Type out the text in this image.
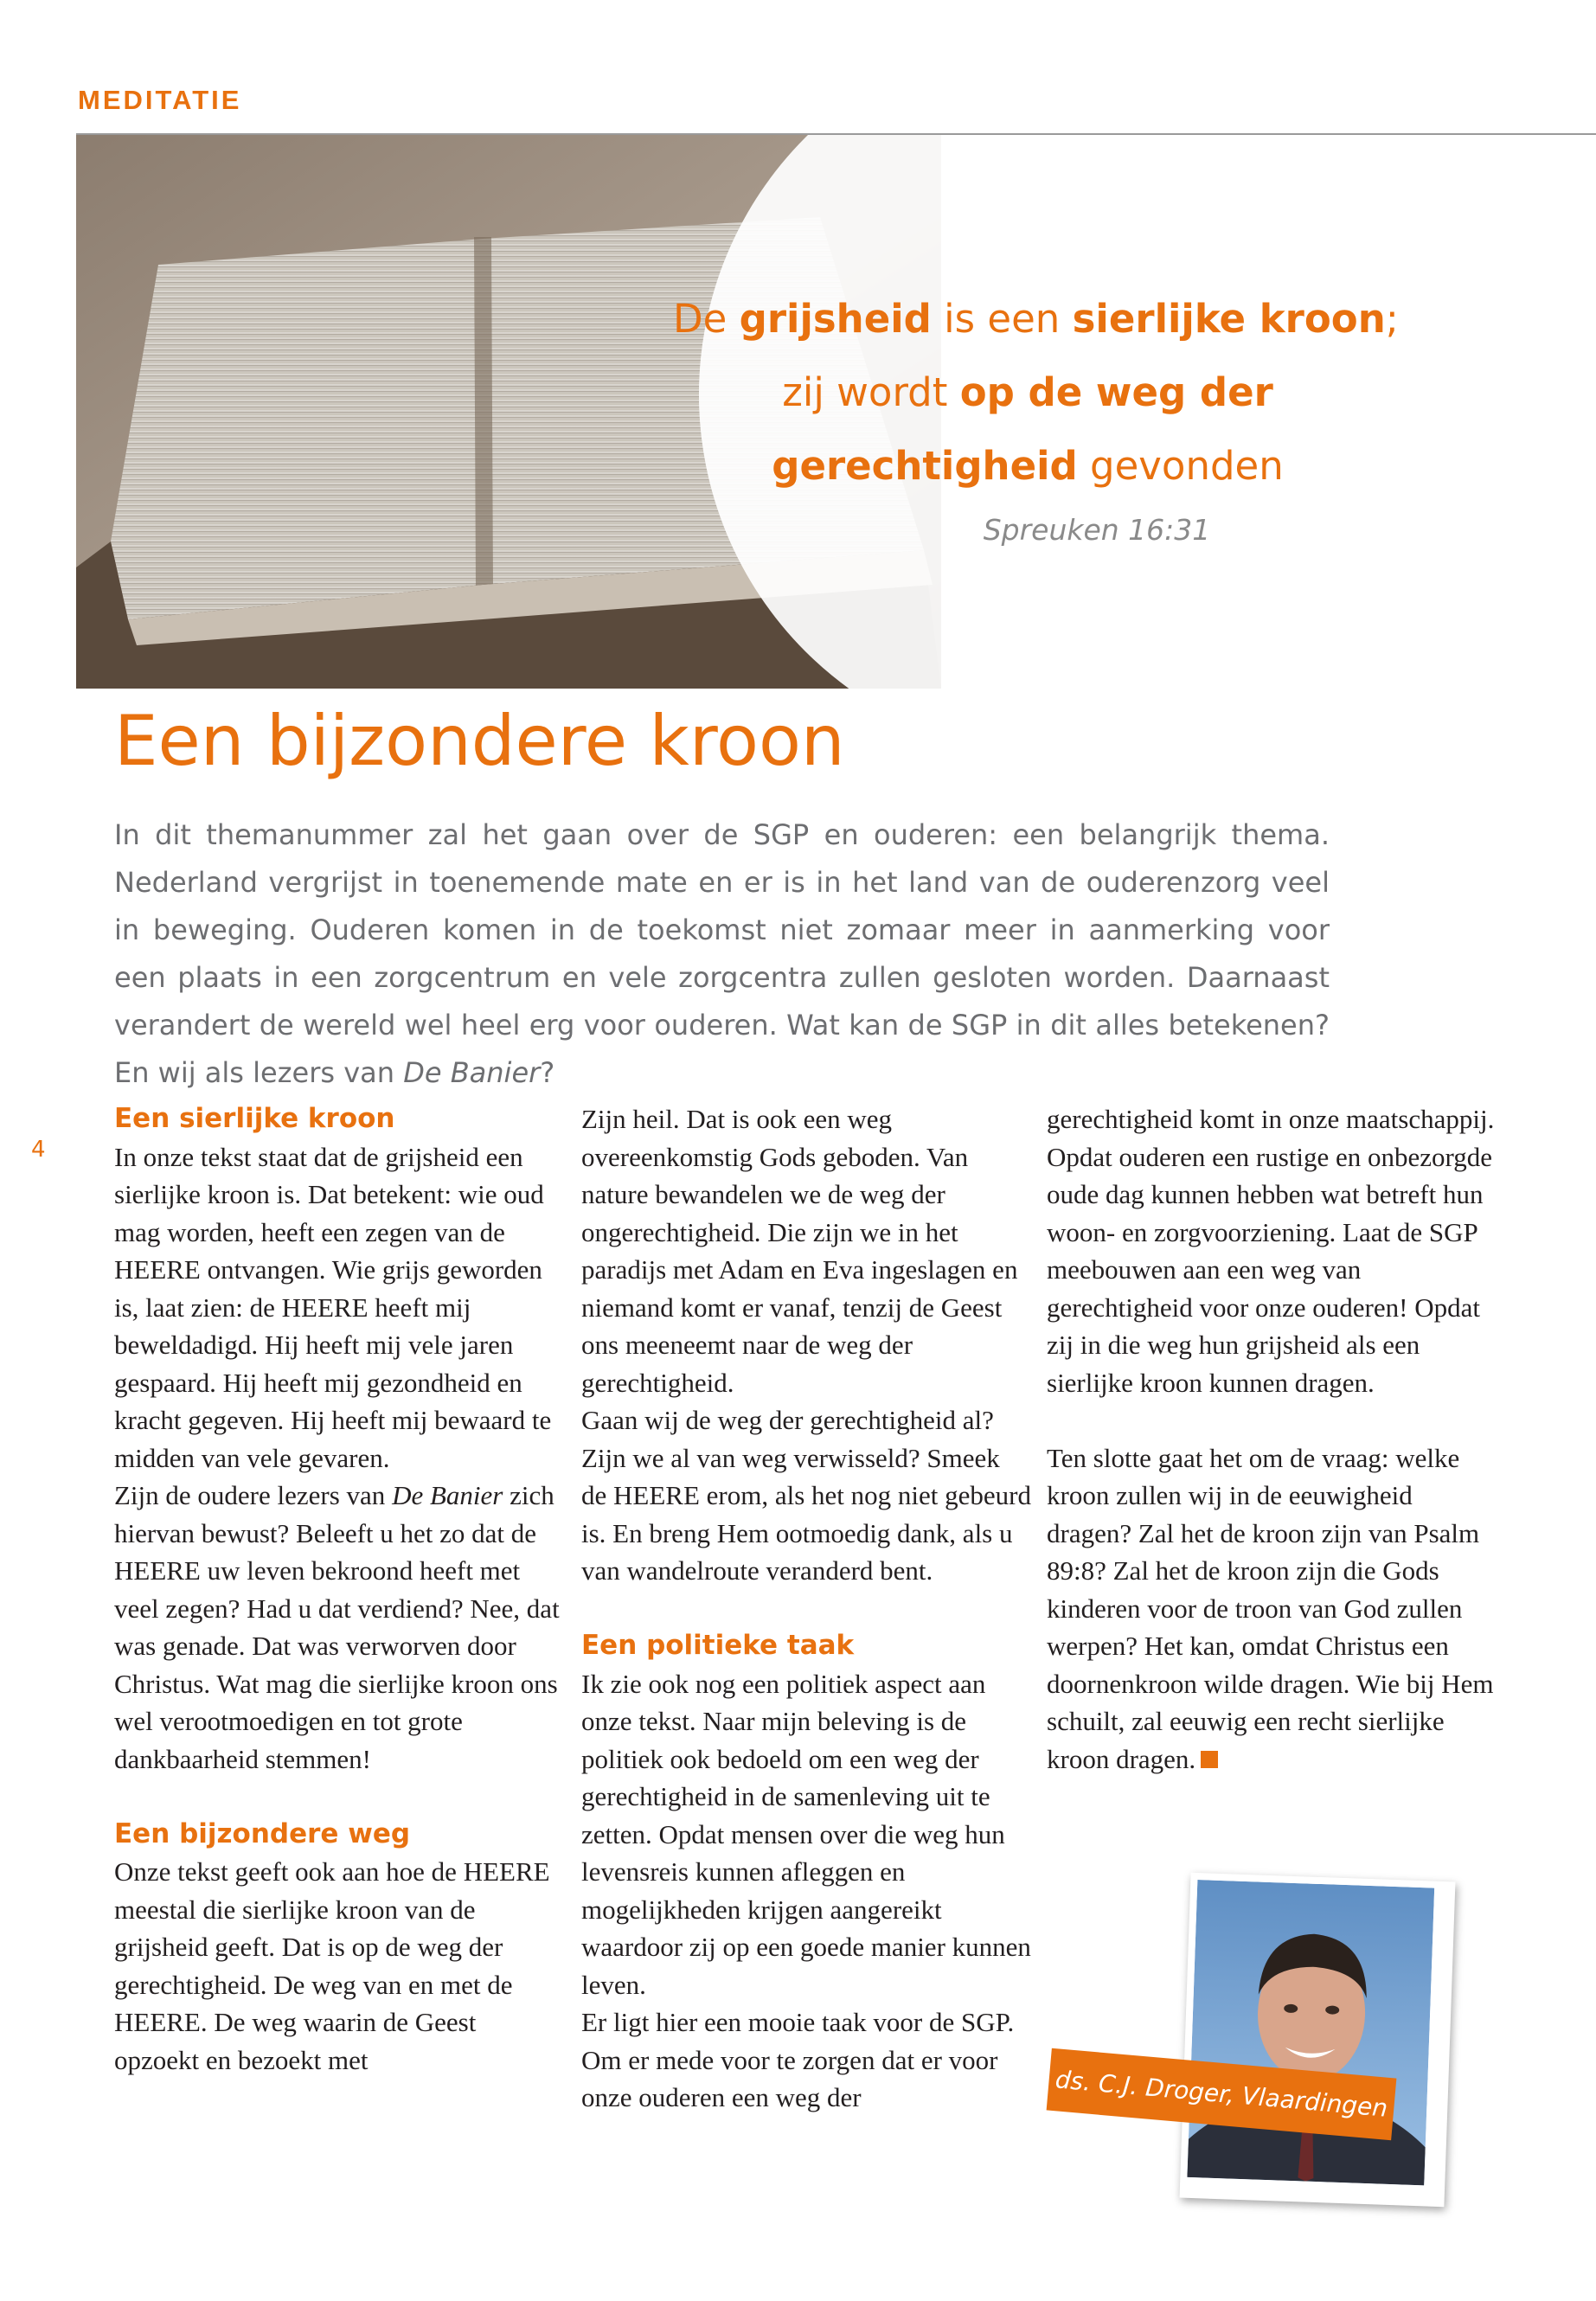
MEDITATIE
De grijsheid is een sierlijke kroon;
zij wordt op de weg der
gerechtigheid gevonden
Spreuken 16:31
Een bijzondere kroon

In dit themanummer zal het gaan over de SGP en ouderen: een belangrijk thema. Nederland vergrijst in toenemende mate en er is in het land van de ouderenzorg veel in beweging. Ouderen komen in de toekomst niet zomaar meer in aanmerking voor een plaats in een zorgcentrum en vele zorgcentra zullen gesloten worden. Daarnaast verandert de wereld wel heel erg voor ouderen. Wat kan de SGP in dit alles betekenen? En wij als lezers van De Banier?

4
Een sierlijke kroon

In onze tekst staat dat de grijsheid een sierlijke kroon is. Dat betekent: wie oud mag worden, heeft een zegen van de HEERE ontvangen. Wie grijs geworden is, laat zien: de HEERE heeft mij beweldadigd. Hij heeft mij vele jaren gespaard. Hij heeft mij gezondheid en kracht gegeven. Hij heeft mij bewaard te midden van vele gevaren.

Zijn de oudere lezers van De Banier zich hiervan bewust? Beleeft u het zo dat de HEERE uw leven bekroond heeft met veel zegen? Had u dat verdiend? Nee, dat was genade. Dat was verworven door Christus. Wat mag die sierlijke kroon ons wel verootmoedigen en tot grote dankbaarheid stemmen!

Een bijzondere weg

Onze tekst geeft ook aan hoe de HEERE meestal die sierlijke kroon van de grijsheid geeft. Dat is op de weg der gerechtigheid. De weg van en met de HEERE. De weg waarin de Geest opzoekt en bezoekt met

Zijn heil. Dat is ook een weg overeenkomstig Gods geboden. Van nature bewandelen we de weg der ongerechtigheid. Die zijn we in het paradijs met Adam en Eva ingeslagen en niemand komt er vanaf, tenzij de Geest ons meeneemt naar de weg der gerechtigheid.

Gaan wij de weg der gerechtigheid al? Zijn we al van weg verwisseld? Smeek de HEERE erom, als het nog niet gebeurd is. En breng Hem ootmoedig dank, als u van wandelroute veranderd bent.

Een politieke taak

Ik zie ook nog een politiek aspect aan onze tekst. Naar mijn beleving is de politiek ook bedoeld om een weg der gerechtigheid in de samenleving uit te zetten. Opdat mensen over die weg hun levensreis kunnen afleggen en mogelijkheden krijgen aangereikt waardoor zij op een goede manier kunnen leven.

Er ligt hier een mooie taak voor de SGP. Om er mede voor te zorgen dat er voor onze ouderen een weg der

gerechtigheid komt in onze maatschappij. Opdat ouderen een rustige en onbezorgde oude dag kunnen hebben wat betreft hun woon- en zorgvoorziening. Laat de SGP meebouwen aan een weg van gerechtigheid voor onze ouderen! Opdat zij in die weg hun grijsheid als een sierlijke kroon kunnen dragen.

Ten slotte gaat het om de vraag: welke kroon zullen wij in de eeuwigheid dragen? Zal het de kroon zijn van Psalm 89:8? Zal het de kroon zijn die Gods kinderen voor de troon van God zullen werpen? Het kan, omdat Christus een doornenkroon wilde dragen. Wie bij Hem schuilt, zal eeuwig een recht sierlijke kroon dragen.

ds. C.J. Droger, Vlaardingen
